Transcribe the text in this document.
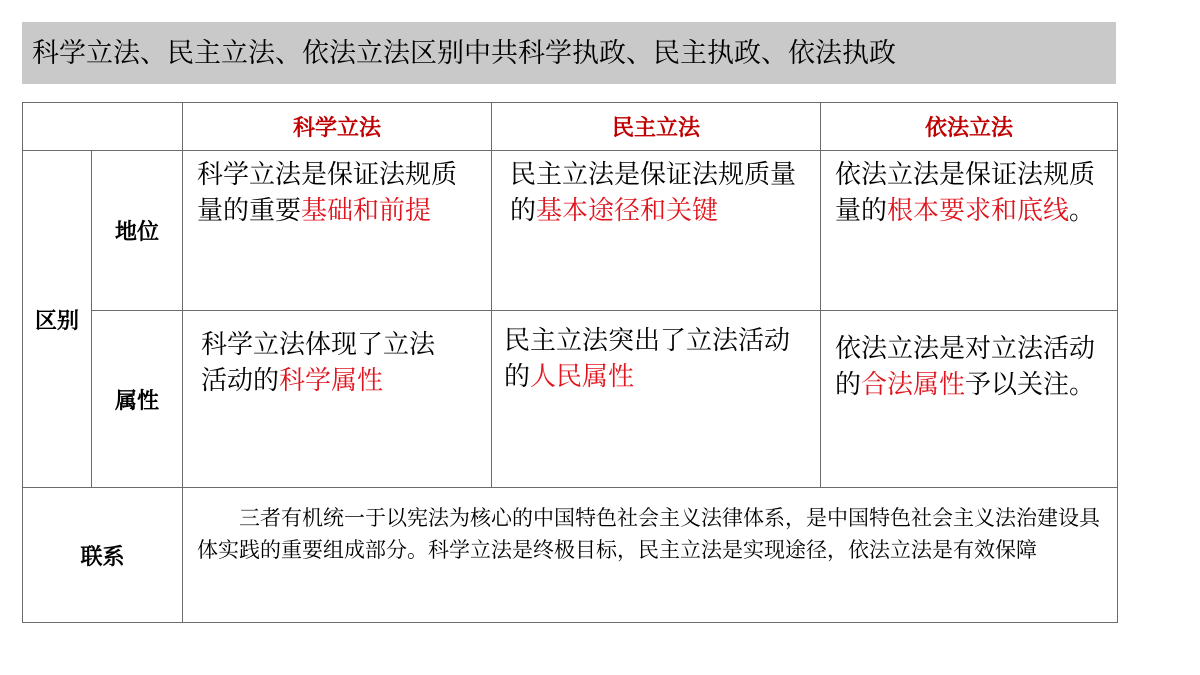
科学立法、民主立法、依法立法区别中共科学执政、民主执政、依法执政
		科学立法	民主立法	依法立法
区别	地位	科学立法是保证法规质量的重要基础和前提	民主立法是保证法规质量的基本途径和关键	依法立法是保证法规质量的根本要求和底线。

	属性	科学立法体现了立法活动的科学属性	民主立法突出了立法活动的人民属性	依法立法是对立法活动的合法属性予以关注。

联系		三者有机统一于以宪法为核心的中国特色社会主义法律体系，是中国特色社会主义法治建设具体实践的重要组成部分。科学立法是终极目标，民主立法是实现途径，依法立法是有效保障		
